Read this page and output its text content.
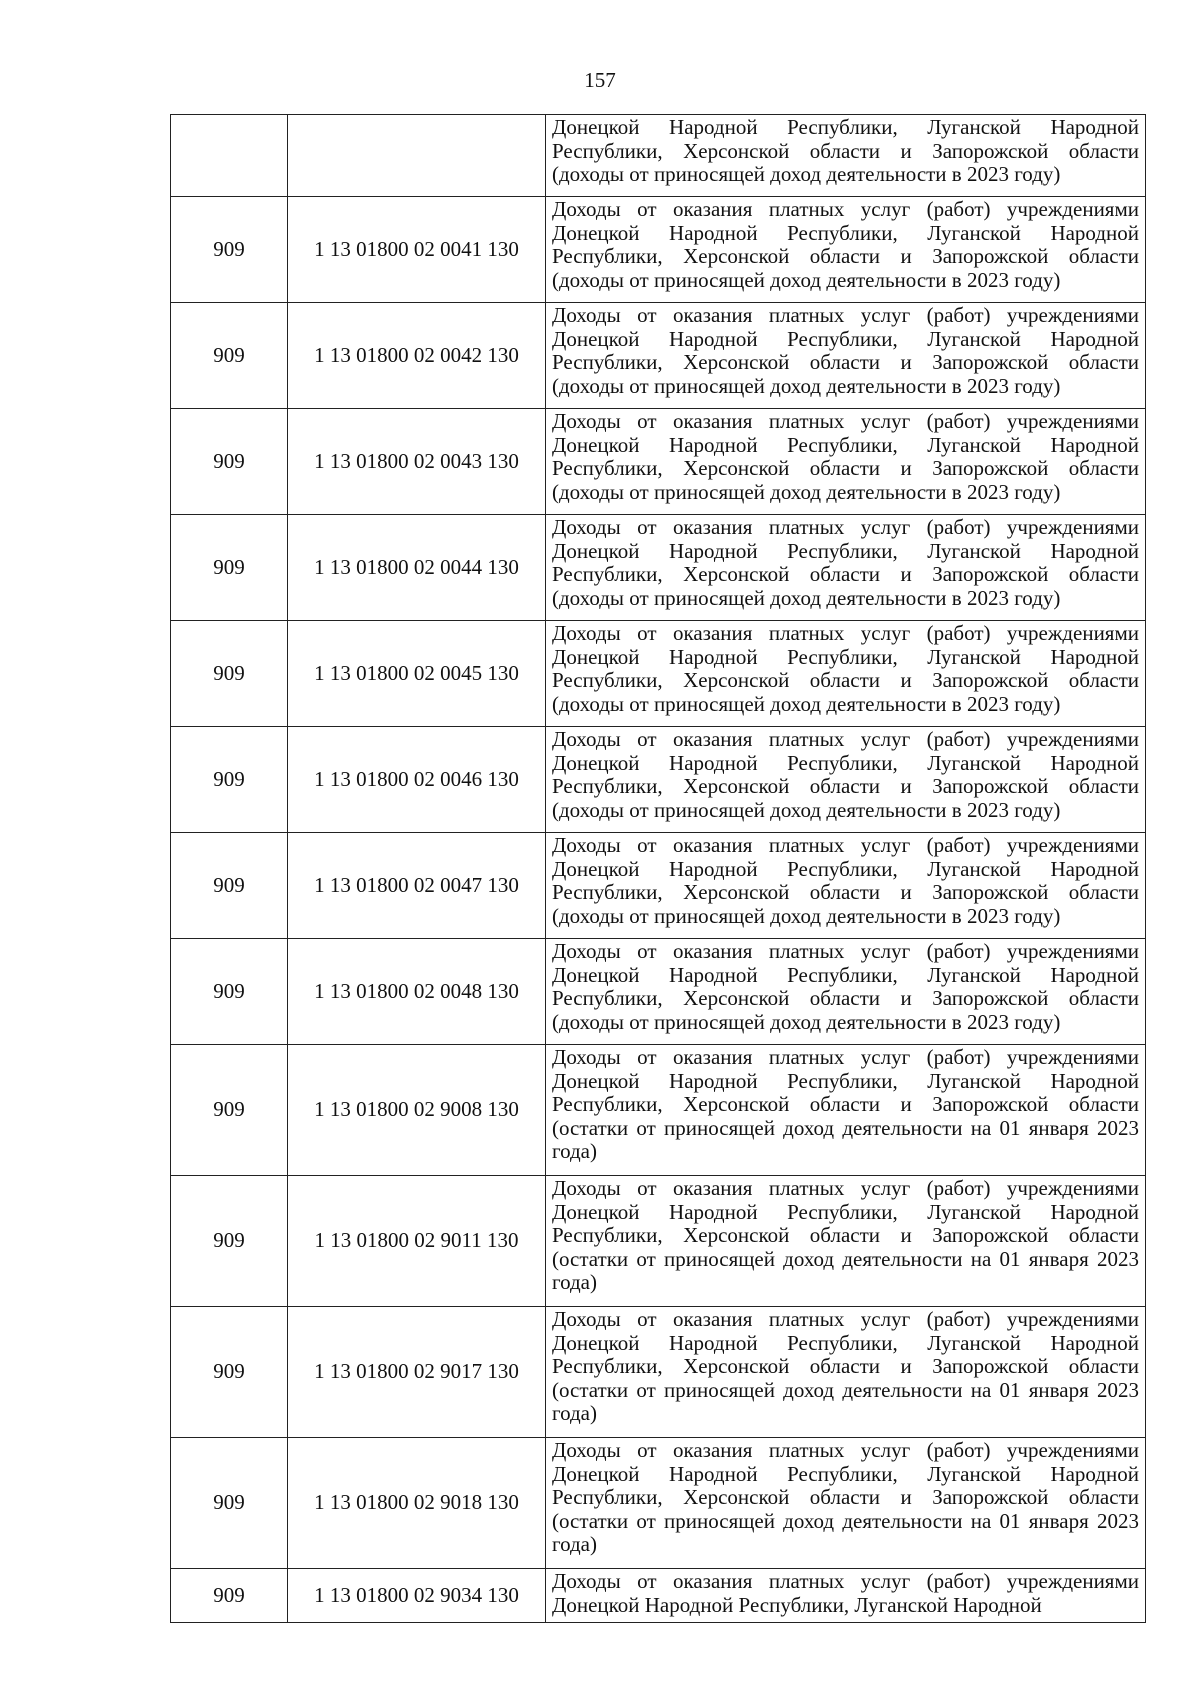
157

		Донецкой Народной Республики, Луганской Народной
Республики, Херсонской области и Запорожской области
(доходы от приносящей доход деятельности в 2023 году)

909	1 13 01800 02 0041 130	Доходы от оказания платных услуг (работ) учреждениями
Донецкой Народной Республики, Луганской Народной
Республики, Херсонской области и Запорожской области
(доходы от приносящей доход деятельности в 2023 году)

909	1 13 01800 02 0042 130	Доходы от оказания платных услуг (работ) учреждениями
Донецкой Народной Республики, Луганской Народной
Республики, Херсонской области и Запорожской области
(доходы от приносящей доход деятельности в 2023 году)

909	1 13 01800 02 0043 130	Доходы от оказания платных услуг (работ) учреждениями
Донецкой Народной Республики, Луганской Народной
Республики, Херсонской области и Запорожской области
(доходы от приносящей доход деятельности в 2023 году)

909	1 13 01800 02 0044 130	Доходы от оказания платных услуг (работ) учреждениями
Донецкой Народной Республики, Луганской Народной
Республики, Херсонской области и Запорожской области
(доходы от приносящей доход деятельности в 2023 году)

909	1 13 01800 02 0045 130	Доходы от оказания платных услуг (работ) учреждениями
Донецкой Народной Республики, Луганской Народной
Республики, Херсонской области и Запорожской области
(доходы от приносящей доход деятельности в 2023 году)

909	1 13 01800 02 0046 130	Доходы от оказания платных услуг (работ) учреждениями
Донецкой Народной Республики, Луганской Народной
Республики, Херсонской области и Запорожской области
(доходы от приносящей доход деятельности в 2023 году)

909	1 13 01800 02 0047 130	Доходы от оказания платных услуг (работ) учреждениями
Донецкой Народной Республики, Луганской Народной
Республики, Херсонской области и Запорожской области
(доходы от приносящей доход деятельности в 2023 году)

909	1 13 01800 02 0048 130	Доходы от оказания платных услуг (работ) учреждениями
Донецкой Народной Республики, Луганской Народной
Республики, Херсонской области и Запорожской области
(доходы от приносящей доход деятельности в 2023 году)

909	1 13 01800 02 9008 130	Доходы от оказания платных услуг (работ) учреждениями
Донецкой Народной Республики, Луганской Народной
Республики, Херсонской области и Запорожской области
(остатки от приносящей доход деятельности на 01 января 2023
года)

909	1 13 01800 02 9011 130	Доходы от оказания платных услуг (работ) учреждениями
Донецкой Народной Республики, Луганской Народной
Республики, Херсонской области и Запорожской области
(остатки от приносящей доход деятельности на 01 января 2023
года)

909	1 13 01800 02 9017 130	Доходы от оказания платных услуг (работ) учреждениями
Донецкой Народной Республики, Луганской Народной
Республики, Херсонской области и Запорожской области
(остатки от приносящей доход деятельности на 01 января 2023
года)

909	1 13 01800 02 9018 130	Доходы от оказания платных услуг (работ) учреждениями
Донецкой Народной Республики, Луганской Народной
Республики, Херсонской области и Запорожской области
(остатки от приносящей доход деятельности на 01 января 2023
года)

909	1 13 01800 02 9034 130	Доходы от оказания платных услуг (работ) учреждениями
Донецкой Народной Республики, Луганской Народной
